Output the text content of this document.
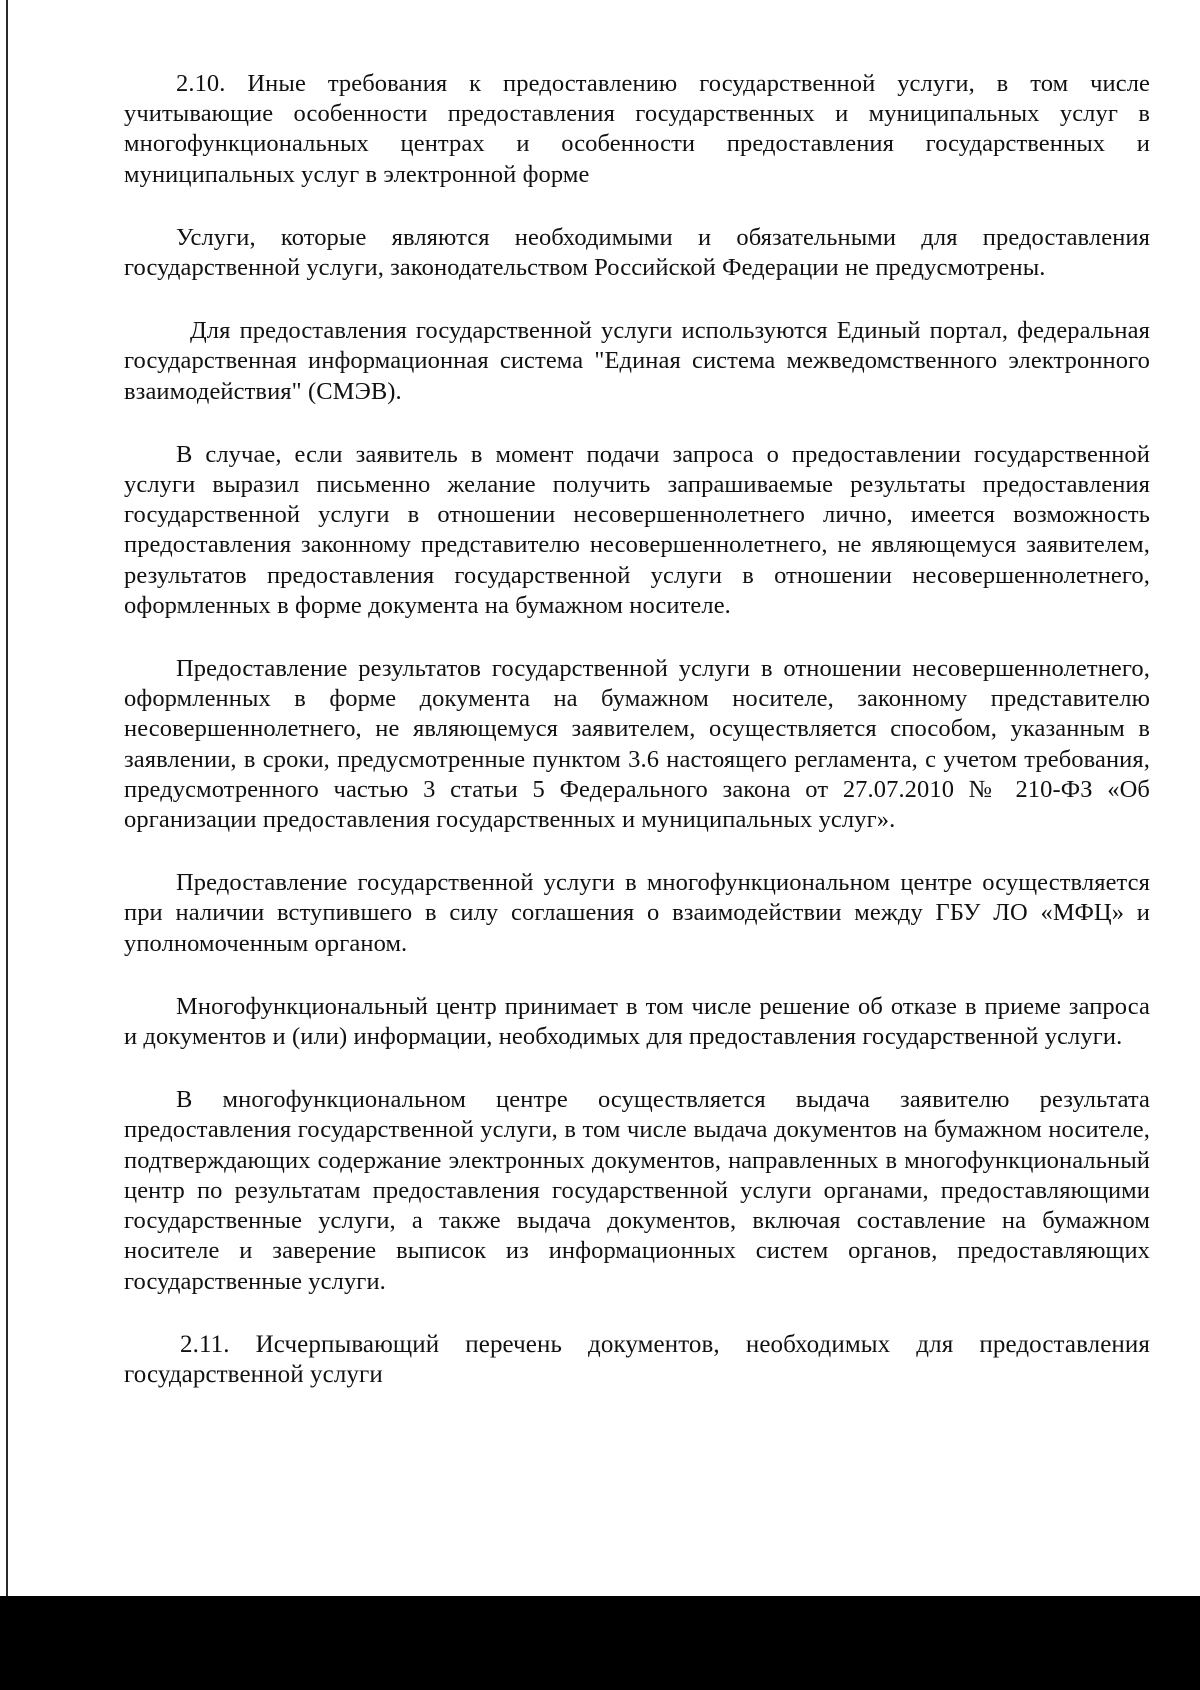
2.10. Иные требования к предоставлению государственной услуги, в том числе учитывающие особенности предоставления государственных и муниципальных услуг в многофункциональных центрах и особенности предоставления государственных и муниципальных услуг в электронной форме

Услуги, которые являются необходимыми и обязательными для предоставления государственной услуги, законодательством Российской Федерации не предусмотрены.

Для предоставления государственной услуги используются Единый портал, федеральная государственная информационная система "Единая система межведомственного электронного взаимодействия" (СМЭВ).

В случае, если заявитель в момент подачи запроса о предоставлении государственной услуги выразил письменно желание получить запрашиваемые результаты предоставления государственной услуги в отношении несовершеннолетнего лично, имеется возможность предоставления законному представителю несовершеннолетнего, не являющемуся заявителем, результатов предоставления государственной услуги в отношении несовершеннолетнего, оформленных в форме документа на бумажном носителе.

Предоставление результатов государственной услуги в отношении несовершеннолетнего, оформленных в форме документа на бумажном носителе, законному представителю несовершеннолетнего, не являющемуся заявителем, осуществляется способом, указанным в заявлении, в сроки, предусмотренные пунктом 3.6 настоящего регламента, с учетом требования, предусмотренного частью 3 статьи 5 Федерального закона от 27.07.2010 № 210-ФЗ «Об организации предоставления государственных и муниципальных услуг».

Предоставление государственной услуги в многофункциональном центре осуществляется при наличии вступившего в силу соглашения о взаимодействии между ГБУ ЛО «МФЦ» и уполномоченным органом.

Многофункциональный центр принимает в том числе решение об отказе в приеме запроса и документов и (или) информации, необходимых для предоставления государственной услуги.

В многофункциональном центре осуществляется выдача заявителю результата предоставления государственной услуги, в том числе выдача документов на бумажном носителе, подтверждающих содержание электронных документов, направленных в многофункциональный центр по результатам предоставления государственной услуги органами, предоставляющими государственные услуги, а также выдача документов, включая составление на бумажном носителе и заверение выписок из информационных систем органов, предоставляющих государственные услуги.

2.11. Исчерпывающий перечень документов, необходимых для предоставления государственной услуги
